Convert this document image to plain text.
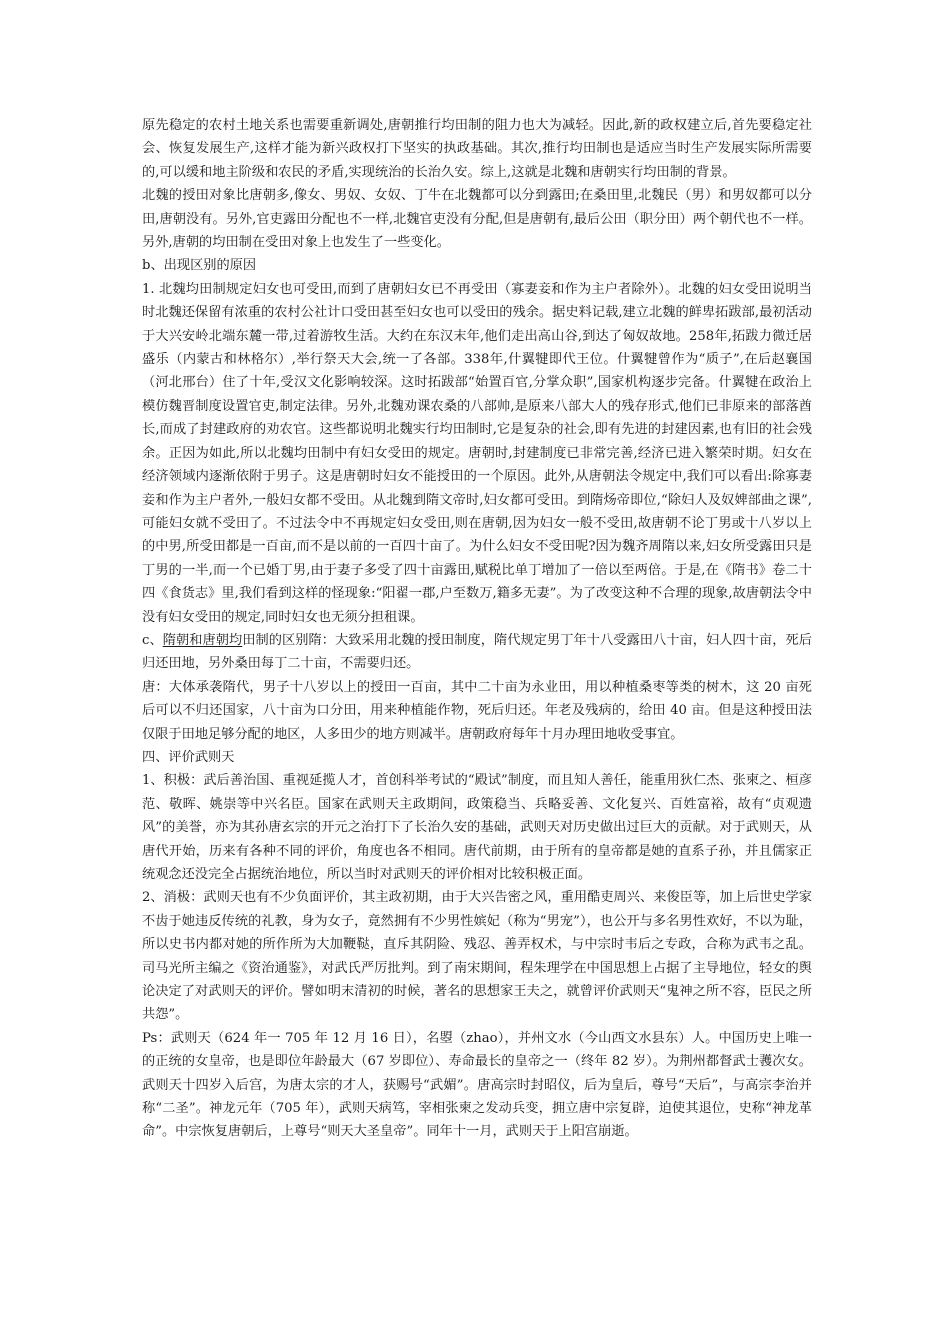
原先稳定的农村土地关系也需要重新调处,唐朝推行均田制的阻力也大为减轻。因此,新的政权建立后,首先要稳定社会、恢复发展生产,这样才能为新兴政权打下坚实的执政基础。其次,推行均田制也是适应当时生产发展实际所需要的,可以缓和地主阶级和农民的矛盾,实现统治的长治久安。综上,这就是北魏和唐朝实行均田制的背景。

北魏的授田对象比唐朝多,像女、男奴、女奴、丁牛在北魏都可以分到露田;在桑田里,北魏民（男）和男奴都可以分田,唐朝没有。另外,官吏露田分配也不一样,北魏官吏没有分配,但是唐朝有,最后公田（职分田）两个朝代也不一样。另外,唐朝的均田制在受田对象上也发生了一些变化。

b、出现区别的原因

1. 北魏均田制规定妇女也可受田,而到了唐朝妇女已不再受田（寡妻妾和作为主户者除外）。北魏的妇女受田说明当时北魏还保留有浓重的农村公社计口受田甚至妇女也可以受田的残余。据史料记载,建立北魏的鲜卑拓跋部,最初活动于大兴安岭北端东麓一带,过着游牧生活。大约在东汉末年,他们走出高山谷,到达了匈奴故地。258年,拓跋力微迁居盛乐（内蒙古和林格尔）,举行祭天大会,统一了各部。338年,什翼犍即代王位。什翼犍曾作为“质子”,在后赵襄国（河北邢台）住了十年,受汉文化影响较深。这时拓跋部“始置百官,分掌众职”,国家机构逐步完备。什翼犍在政治上模仿魏晋制度设置官吏,制定法律。另外,北魏劝课农桑的八部帅,是原来八部大人的残存形式,他们已非原来的部落酋长,而成了封建政府的劝农官。这些都说明北魏实行均田制时,它是复杂的社会,即有先进的封建因素,也有旧的社会残余。正因为如此,所以北魏均田制中有妇女受田的规定。唐朝时,封建制度已非常完善,经济已进入繁荣时期。妇女在经济领域内逐渐依附于男子。这是唐朝时妇女不能授田的一个原因。此外,从唐朝法令规定中,我们可以看出:除寡妻妾和作为主户者外,一般妇女都不受田。从北魏到隋文帝时,妇女都可受田。到隋炀帝即位,“除妇人及奴婢部曲之课”,可能妇女就不受田了。不过法令中不再规定妇女受田,则在唐朝,因为妇女一般不受田,故唐朝不论丁男或十八岁以上的中男,所受田都是一百亩,而不是以前的一百四十亩了。为什么妇女不受田呢?因为魏齐周隋以来,妇女所受露田只是丁男的一半,而一个已婚丁男,由于妻子多受了四十亩露田,赋税比单丁增加了一倍以至两倍。于是,在《隋书》卷二十四《食货志》里,我们看到这样的怪现象:“阳翟一郡,户至数万,籍多无妻”。为了改变这种不合理的现象,故唐朝法令中没有妇女受田的规定,同时妇女也无须分担租课。

c、隋朝和唐朝均田制的区别隋：大致采用北魏的授田制度，隋代规定男丁年十八受露田八十亩，妇人四十亩，死后归还田地，另外桑田每丁二十亩，不需要归还。

唐：大体承袭隋代，男子十八岁以上的授田一百亩，其中二十亩为永业田，用以种植桑枣等类的树木，这 20 亩死后可以不归还国家，八十亩为口分田，用来种植能作物，死后归还。年老及残病的，给田 40 亩。但是这种授田法仅限于田地足够分配的地区，人多田少的地方则减半。唐朝政府每年十月办理田地收受事宜。

四、评价武则天

1、积极：武后善治国、重视延揽人才，首创科举考试的“殿试”制度，而且知人善任，能重用狄仁杰、张柬之、桓彦范、敬晖、姚崇等中兴名臣。国家在武则天主政期间，政策稳当、兵略妥善、文化复兴、百姓富裕，故有“贞观遗风”的美誉，亦为其孙唐玄宗的开元之治打下了长治久安的基础，武则天对历史做出过巨大的贡献。对于武则天，从唐代开始，历来有各种不同的评价，角度也各不相同。唐代前期，由于所有的皇帝都是她的直系子孙，并且儒家正统观念还没完全占据统治地位，所以当时对武则天的评价相对比较积极正面。

2、消极：武则天也有不少负面评价，其主政初期，由于大兴告密之风，重用酷吏周兴、来俊臣等，加上后世史学家不齿于她违反传统的礼教，身为女子，竟然拥有不少男性嫔妃（称为“男宠”），也公开与多名男性欢好，不以为耻，所以史书内都对她的所作所为大加鞭鞑，直斥其阴险、残忍、善弄权术，与中宗时韦后之专政，合称为武韦之乱。司马光所主编之《资治通鉴》，对武氏严厉批判。到了南宋期间，程朱理学在中国思想上占据了主导地位，轻女的舆论决定了对武则天的评价。譬如明末清初的时候，著名的思想家王夫之，就曾评价武则天“鬼神之所不容，臣民之所共怨”。

Ps：武则天（624 年一 705 年 12 月 16 日），名曌（zhao），并州文水（今山西文水县东）人。中国历史上唯一的正统的女皇帝，也是即位年龄最大（67 岁即位）、寿命最长的皇帝之一（终年 82 岁）。为荆州都督武士彟次女。武则天十四岁入后宫，为唐太宗的才人，获赐号“武媚”。唐高宗时封昭仪，后为皇后，尊号“天后”，与高宗李治并称“二圣”。神龙元年（705 年），武则天病笃，宰相张柬之发动兵变，拥立唐中宗复辟，迫使其退位，史称“神龙革命”。中宗恢复唐朝后，上尊号“则天大圣皇帝”。同年十一月，武则天于上阳宫崩逝。
